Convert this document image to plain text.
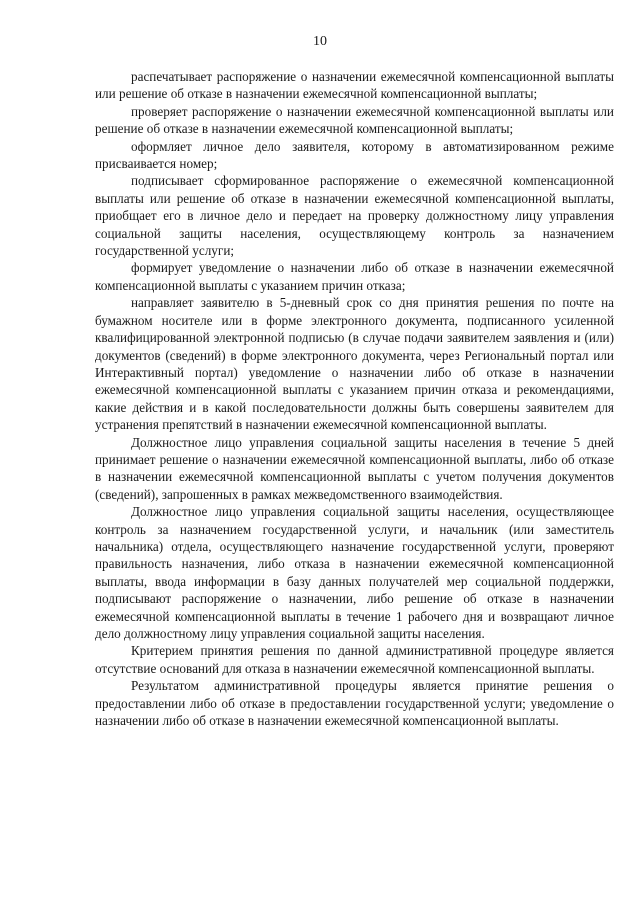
10

распечатывает распоряжение о назначении ежемесячной компенсационной выплаты или решение об отказе в назначении ежемесячной компенсационной выплаты;

проверяет распоряжение о назначении ежемесячной компенсационной выплаты или решение об отказе в назначении ежемесячной компенсационной выплаты;

оформляет личное дело заявителя, которому в автоматизированном режиме присваивается номер;

подписывает сформированное распоряжение о ежемесячной компенсационной выплаты или решение об отказе в назначении ежемесячной компенсационной выплаты, приобщает его в личное дело и передает на проверку должностному лицу управления социальной защиты населения, осуществляющему контроль за назначением государственной услуги;

формирует уведомление о назначении либо об отказе в назначении ежемесячной компенсационной выплаты с указанием причин отказа;

направляет заявителю в 5-дневный срок со дня принятия решения по почте на бумажном носителе или в форме электронного документа, подписанного усиленной квалифицированной электронной подписью (в случае подачи заявителем заявления и (или) документов (сведений) в форме электронного документа, через Региональный портал или Интерактивный портал) уведомление о назначении либо об отказе в назначении ежемесячной компенсационной выплаты с указанием причин отказа и рекомендациями, какие действия и в какой последовательности должны быть совершены заявителем для устранения препятствий в назначении ежемесячной компенсационной выплаты.

Должностное лицо управления социальной защиты населения в течение 5 дней принимает решение о назначении ежемесячной компенсационной выплаты, либо об отказе в назначении ежемесячной компенсационной выплаты с учетом получения документов (сведений), запрошенных в рамках межведомственного взаимодействия.

Должностное лицо управления социальной защиты населения, осуществляющее контроль за назначением государственной услуги, и начальник (или заместитель начальника) отдела, осуществляющего назначение государственной услуги, проверяют правильность назначения, либо отказа в назначении ежемесячной компенсационной выплаты, ввода информации в базу данных получателей мер социальной поддержки, подписывают распоряжение о назначении, либо решение об отказе в назначении ежемесячной компенсационной выплаты в течение 1 рабочего дня и возвращают личное дело должностному лицу управления социальной защиты населения.

Критерием принятия решения по данной административной процедуре является отсутствие оснований для отказа в назначении ежемесячной компенсационной выплаты.

Результатом административной процедуры является принятие решения о предоставлении либо об отказе в предоставлении государственной услуги; уведомление о назначении либо об отказе в назначении ежемесячной компенсационной выплаты.
